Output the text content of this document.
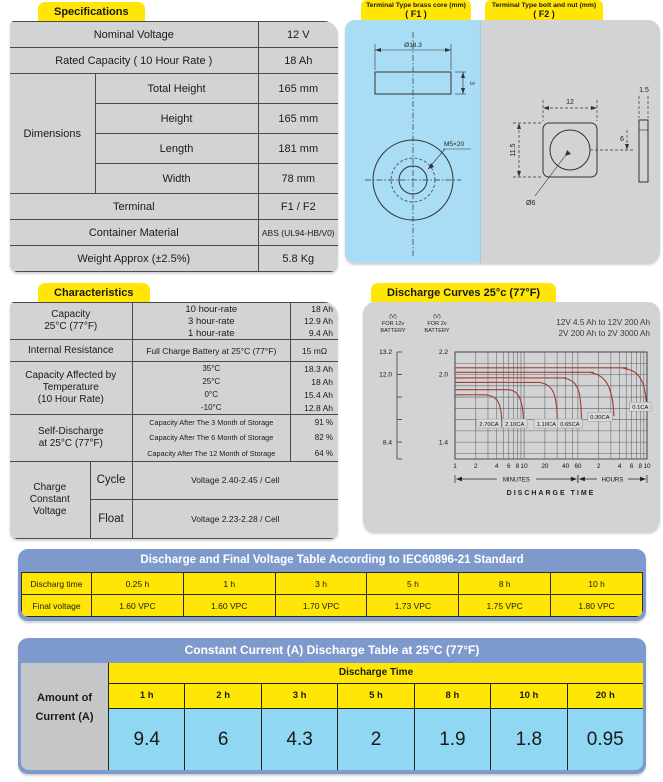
Specifications
Nominal Voltage		12 V
Rated Capacity ( 10 Hour Rate )		18 Ah
Dimensions	Total Height	165 mm
	Height	165 mm
	Length	181 mm
	Width	78 mm
Terminal		F1 / F2
Container Material		ABS (UL94-HB/V0)
Weight Approx (±2.5%)		5.8 Kg
Terminal Type brass core (mm)
( F1 )
Ø18.3
3
M5×20
Terminal Type bolt and nut (mm)
( F2 )
12
11.5
6
Ø6
1.5
Characteristics
Capacity
25°C (77°F)

10 hour-rate	18 Ah
3 hour-rate	12.9 Ah
1 hour-rate	9.4 Ah

Internal Resistance		Full Charge Battery at 25°C (77°F) 15 mΩ

Capacity Affected by
Temperature
(10 Hour Rate)

35°C	18.3 Ah
25°C	18 Ah
0°C	15.4 Ah
-10°C	12.8 Ah

Self-Discharge
at 25°C (77°F)

Capacity After The 3 Month of Storage	91 %
Capacity After The 6 Month of Storage	82 %
Capacity After The 12 Month of Storage	64 %

Charge
Constant
Voltage	Cycle	Voltage 2.40-2.45 / Cell
	Float	Voltage 2.23-2.28 / Cell
Discharge Curves 25°c (77°F)
(V)
FOR 12v
BATTERY
(V)
FOR 2v
BATTERY
12V 4.5 Ah to 12V 200 Ah
2V 200 Ah to 2V 3000 Ah
2.2
2.0
1.4
13.2
12.0
8.4
1	2	4 6 8 10 20 40 60 2	4 6 8 10
2.70CA 2.10CA 1.10CA 0.65CA
0.30CA
0.1CA
MINUTES	HOURS
DISCHARGE TIME
Discharge and Final Voltage Table According to IEC60896-21 Standard
Discharg time	0.25 h	1 h	3 h	5 h	8 h	10 h
Final voltage	1.60 VPC	1.60 VPC	1.70 VPC	1.73 VPC	1.75 VPC	1.80 VPC
Constant Current (A) Discharge Table at 25°C (77°F)
Amount of
Current (A)
Discharge Time
1 h	2 h	3 h	5 h	8 h	10 h	20 h
9.4	6	4.3	2	1.9	1.8	0.95
